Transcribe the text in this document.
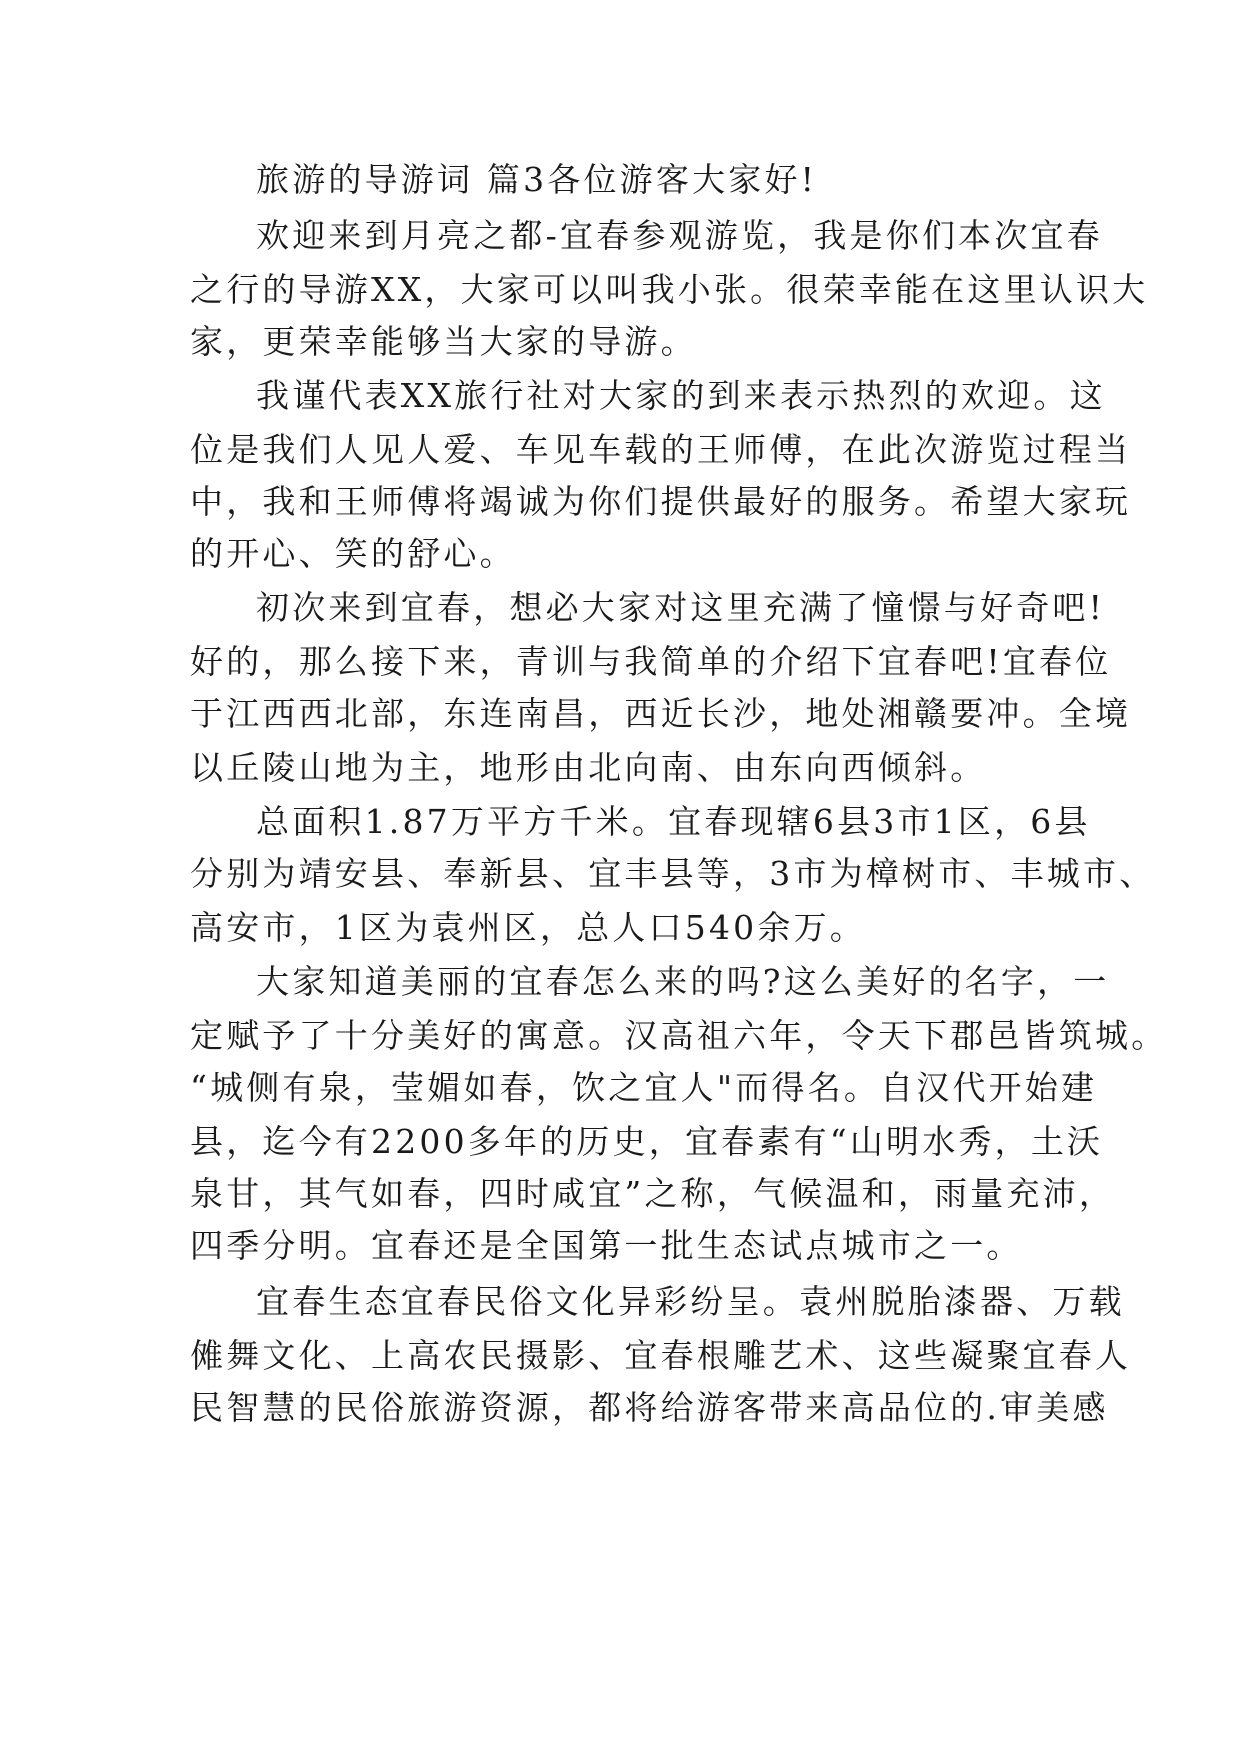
旅游的导游词 篇3各位游客大家好!
欢迎来到月亮之都-宜春参观游览，我是你们本次宜春
之行的导游XX，大家可以叫我小张。很荣幸能在这里认识大
家，更荣幸能够当大家的导游。
我谨代表XX旅行社对大家的到来表示热烈的欢迎。这
位是我们人见人爱、车见车载的王师傅，在此次游览过程当
中，我和王师傅将竭诚为你们提供最好的服务。希望大家玩
的开心、笑的舒心。
初次来到宜春，想必大家对这里充满了憧憬与好奇吧!
好的，那么接下来，青训与我简单的介绍下宜春吧!宜春位
于江西西北部，东连南昌，西近长沙，地处湘赣要冲。全境
以丘陵山地为主，地形由北向南、由东向西倾斜。
总面积1.87万平方千米。宜春现辖6县3市1区，6县
分别为靖安县、奉新县、宜丰县等，3市为樟树市、丰城市、
高安市，1区为袁州区，总人口540余万。
大家知道美丽的宜春怎么来的吗?这么美好的名字，一
定赋予了十分美好的寓意。汉高祖六年，令天下郡邑皆筑城。
“城侧有泉，莹媚如春，饮之宜人"而得名。自汉代开始建
县，迄今有2200多年的历史，宜春素有“山明水秀，土沃
泉甘，其气如春，四时咸宜”之称，气候温和，雨量充沛，
四季分明。宜春还是全国第一批生态试点城市之一。
宜春生态宜春民俗文化异彩纷呈。袁州脱胎漆器、万载
傩舞文化、上高农民摄影、宜春根雕艺术、这些凝聚宜春人
民智慧的民俗旅游资源，都将给游客带来高品位的.审美感
